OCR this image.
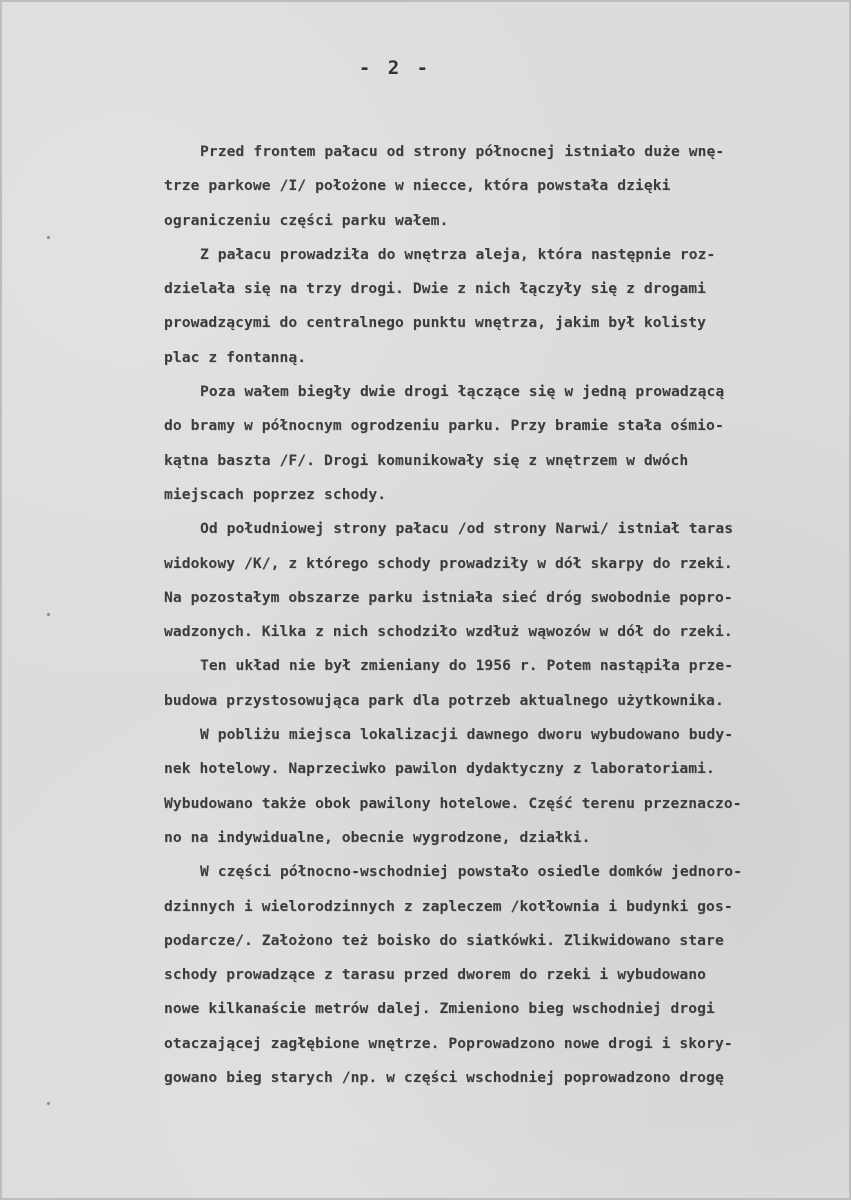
- 2 -
Przed frontem pałacu od strony północnej istniało duże wnę-
trze parkowe /I/ położone w niecce, która powstała dzięki
ograniczeniu części parku wałem.
Z pałacu prowadziła do wnętrza aleja, która następnie roz-
dzielała się na trzy drogi. Dwie z nich łączyły się z drogami
prowadzącymi do centralnego punktu wnętrza, jakim był kolisty
plac z fontanną.
Poza wałem biegły dwie drogi łączące się w jedną prowadzącą
do bramy w północnym ogrodzeniu parku. Przy bramie stała ośmio-
kątna baszta /F/. Drogi komunikowały się z wnętrzem w dwóch
miejscach poprzez schody.
Od południowej strony pałacu /od strony Narwi/ istniał taras
widokowy /K/, z którego schody prowadziły w dół skarpy do rzeki.
Na pozostałym obszarze parku istniała sieć dróg swobodnie popro-
wadzonych. Kilka z nich schodziło wzdłuż wąwozów w dół do rzeki.
Ten układ nie był zmieniany do 1956 r. Potem nastąpiła prze-
budowa przystosowująca park dla potrzeb aktualnego użytkownika.
W pobliżu miejsca lokalizacji dawnego dworu wybudowano budy-
nek hotelowy. Naprzeciwko pawilon dydaktyczny z laboratoriami.
Wybudowano także obok pawilony hotelowe. Część terenu przeznaczo-
no na indywidualne, obecnie wygrodzone, działki.
W części północno-wschodniej powstało osiedle domków jednoro-
dzinnych i wielorodzinnych z zapleczem /kotłownia i budynki gos-
podarcze/. Założono też boisko do siatkówki. Zlikwidowano stare
schody prowadzące z tarasu przed dworem do rzeki i wybudowano
nowe kilkanaście metrów dalej. Zmieniono bieg wschodniej drogi
otaczającej zagłębione wnętrze. Poprowadzono nowe drogi i skory-
gowano bieg starych /np. w części wschodniej poprowadzono drogę
